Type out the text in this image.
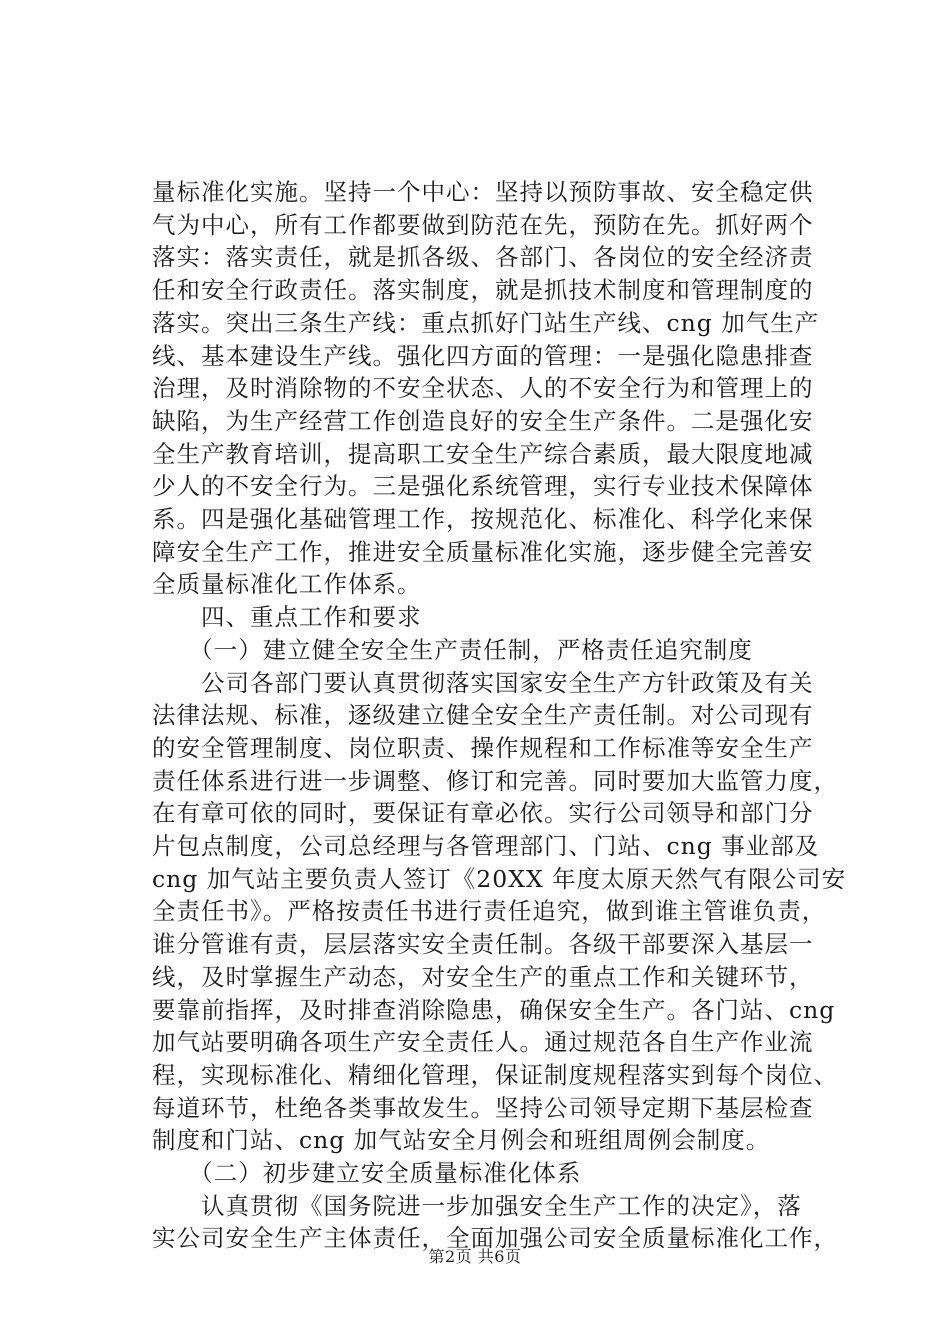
量标准化实施。坚持一个中心：坚持以预防事故、安全稳定供
气为中心，所有工作都要做到防范在先，预防在先。抓好两个
落实：落实责任，就是抓各级、各部门、各岗位的安全经济责
任和安全行政责任。落实制度，就是抓技术制度和管理制度的
落实。突出三条生产线：重点抓好门站生产线、cng 加气生产
线、基本建设生产线。强化四方面的管理：一是强化隐患排查
治理，及时消除物的不安全状态、人的不安全行为和管理上的
缺陷，为生产经营工作创造良好的安全生产条件。二是强化安
全生产教育培训，提高职工安全生产综合素质，最大限度地减
少人的不安全行为。三是强化系统管理，实行专业技术保障体
系。四是强化基础管理工作，按规范化、标准化、科学化来保
障安全生产工作，推进安全质量标准化实施，逐步健全完善安
全质量标准化工作体系。
　　四、重点工作和要求
　　（一）建立健全安全生产责任制，严格责任追究制度
　　公司各部门要认真贯彻落实国家安全生产方针政策及有关
法律法规、标准，逐级建立健全安全生产责任制。对公司现有
的安全管理制度、岗位职责、操作规程和工作标准等安全生产
责任体系进行进一步调整、修订和完善。同时要加大监管力度，
在有章可依的同时，要保证有章必依。实行公司领导和部门分
片包点制度，公司总经理与各管理部门、门站、cng 事业部及
cng 加气站主要负责人签订《20XX 年度太原天然气有限公司安
全责任书》。严格按责任书进行责任追究，做到谁主管谁负责，
谁分管谁有责，层层落实安全责任制。各级干部要深入基层一
线，及时掌握生产动态，对安全生产的重点工作和关键环节，
要靠前指挥，及时排查消除隐患，确保安全生产。各门站、cng
加气站要明确各项生产安全责任人。通过规范各自生产作业流
程，实现标准化、精细化管理，保证制度规程落实到每个岗位、
每道环节，杜绝各类事故发生。坚持公司领导定期下基层检查
制度和门站、cng 加气站安全月例会和班组周例会制度。
　　（二）初步建立安全质量标准化体系
　　认真贯彻《国务院进一步加强安全生产工作的决定》，落
实公司安全生产主体责任，全面加强公司安全质量标准化工作，
第2页 共6页
